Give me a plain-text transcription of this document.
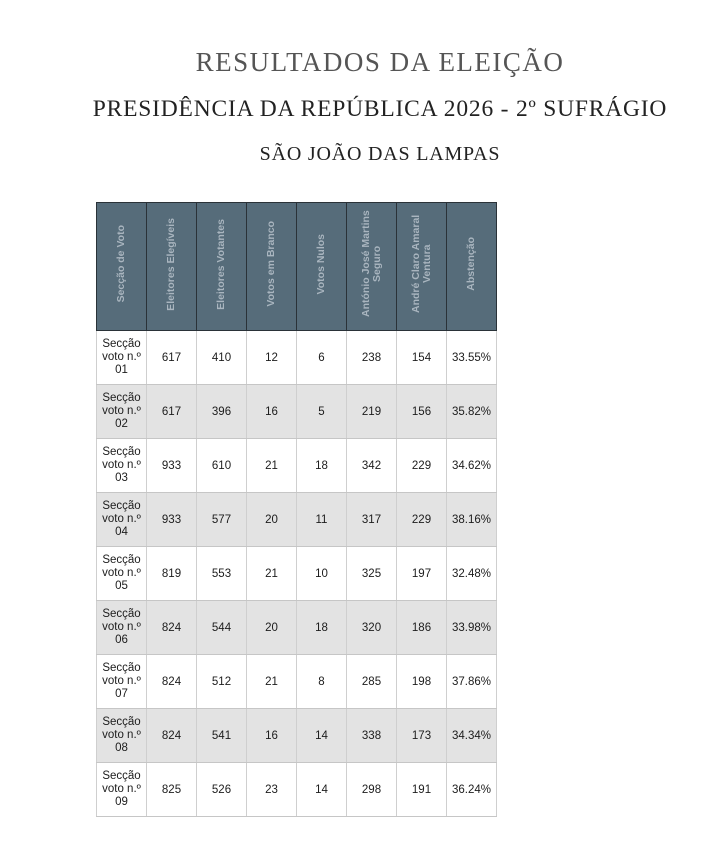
RESULTADOS DA ELEIÇÃO
PRESIDÊNCIA DA REPÚBLICA 2026 - 2º SUFRÁGIO
SÃO JOÃO DAS LAMPAS
Secção de Voto	Eleitores Elegíveis	Eleitores Votantes	Votos em Branco	Votos Nulos	António José Martins Seguro	André Claro Amaral Ventura	Abstenção

Secção
voto n.º
01	617	410	12	6	238	154	33.55%

Secção
voto n.º
02	617	396	16	5	219	156	35.82%

Secção
voto n.º
03	933	610	21	18	342	229	34.62%

Secção
voto n.º
04	933	577	20	11	317	229	38.16%

Secção
voto n.º
05	819	553	21	10	325	197	32.48%

Secção
voto n.º
06	824	544	20	18	320	186	33.98%

Secção
voto n.º
07	824	512	21	8	285	198	37.86%

Secção
voto n.º
08	824	541	16	14	338	173	34.34%

Secção
voto n.º
09	825	526	23	14	298	191	36.24%
